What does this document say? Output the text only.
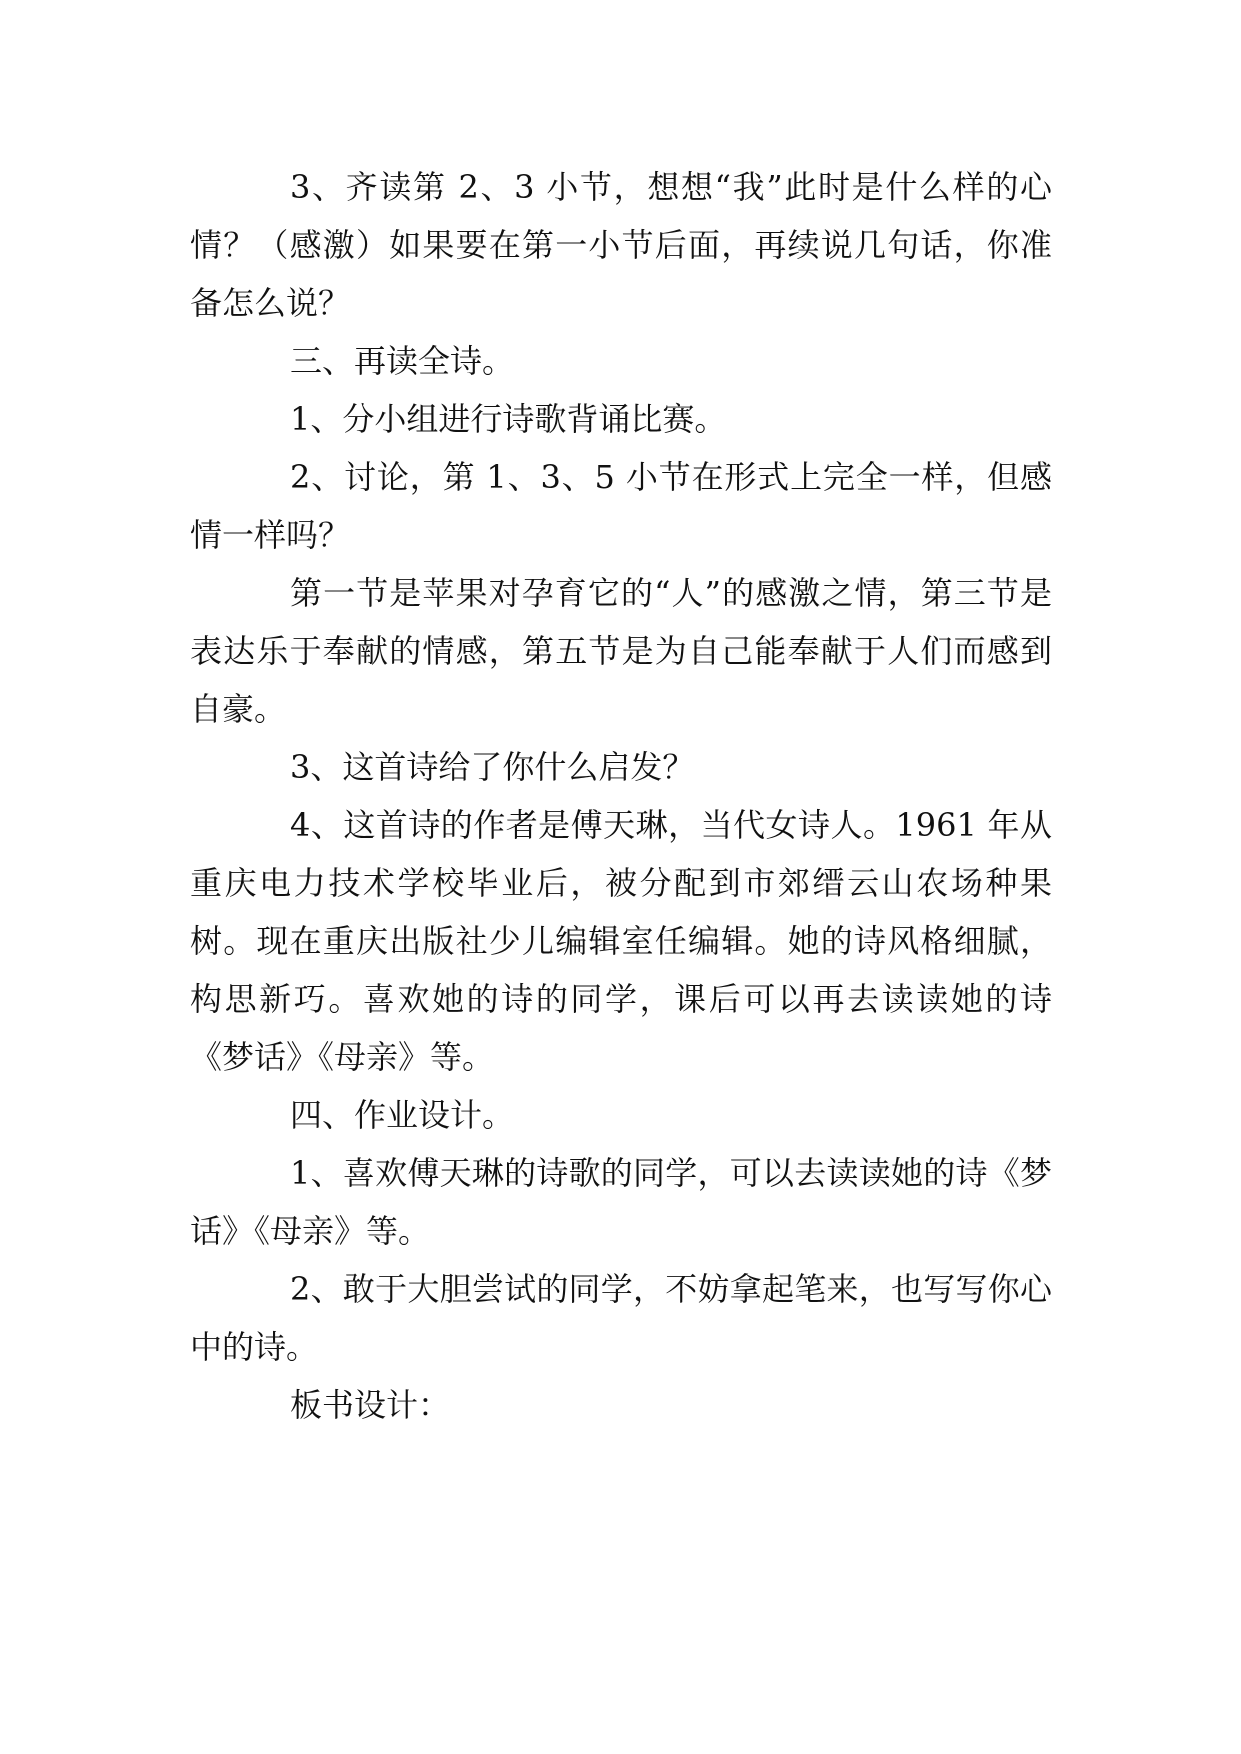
3、齐读第 2、3 小节，想想“我”此时是什么样的心情？（感激）如果要在第一小节后面，再续说几句话，你准备怎么说？

三、再读全诗。

1、分小组进行诗歌背诵比赛。

2、讨论，第 1、3、5 小节在形式上完全一样，但感情一样吗？

第一节是苹果对孕育它的“人”的感激之情，第三节是表达乐于奉献的情感，第五节是为自己能奉献于人们而感到自豪。

3、这首诗给了你什么启发？

4、这首诗的作者是傅天琳，当代女诗人。1961 年从重庆电力技术学校毕业后，被分配到市郊缙云山农场种果树。现在重庆出版社少儿编辑室任编辑。她的诗风格细腻，构思新巧。喜欢她的诗的同学，课后可以再去读读她的诗《梦话》《母亲》等。

四、作业设计。

1、喜欢傅天琳的诗歌的同学，可以去读读她的诗《梦话》《母亲》等。

2、敢于大胆尝试的同学，不妨拿起笔来，也写写你心中的诗。

板书设计：
